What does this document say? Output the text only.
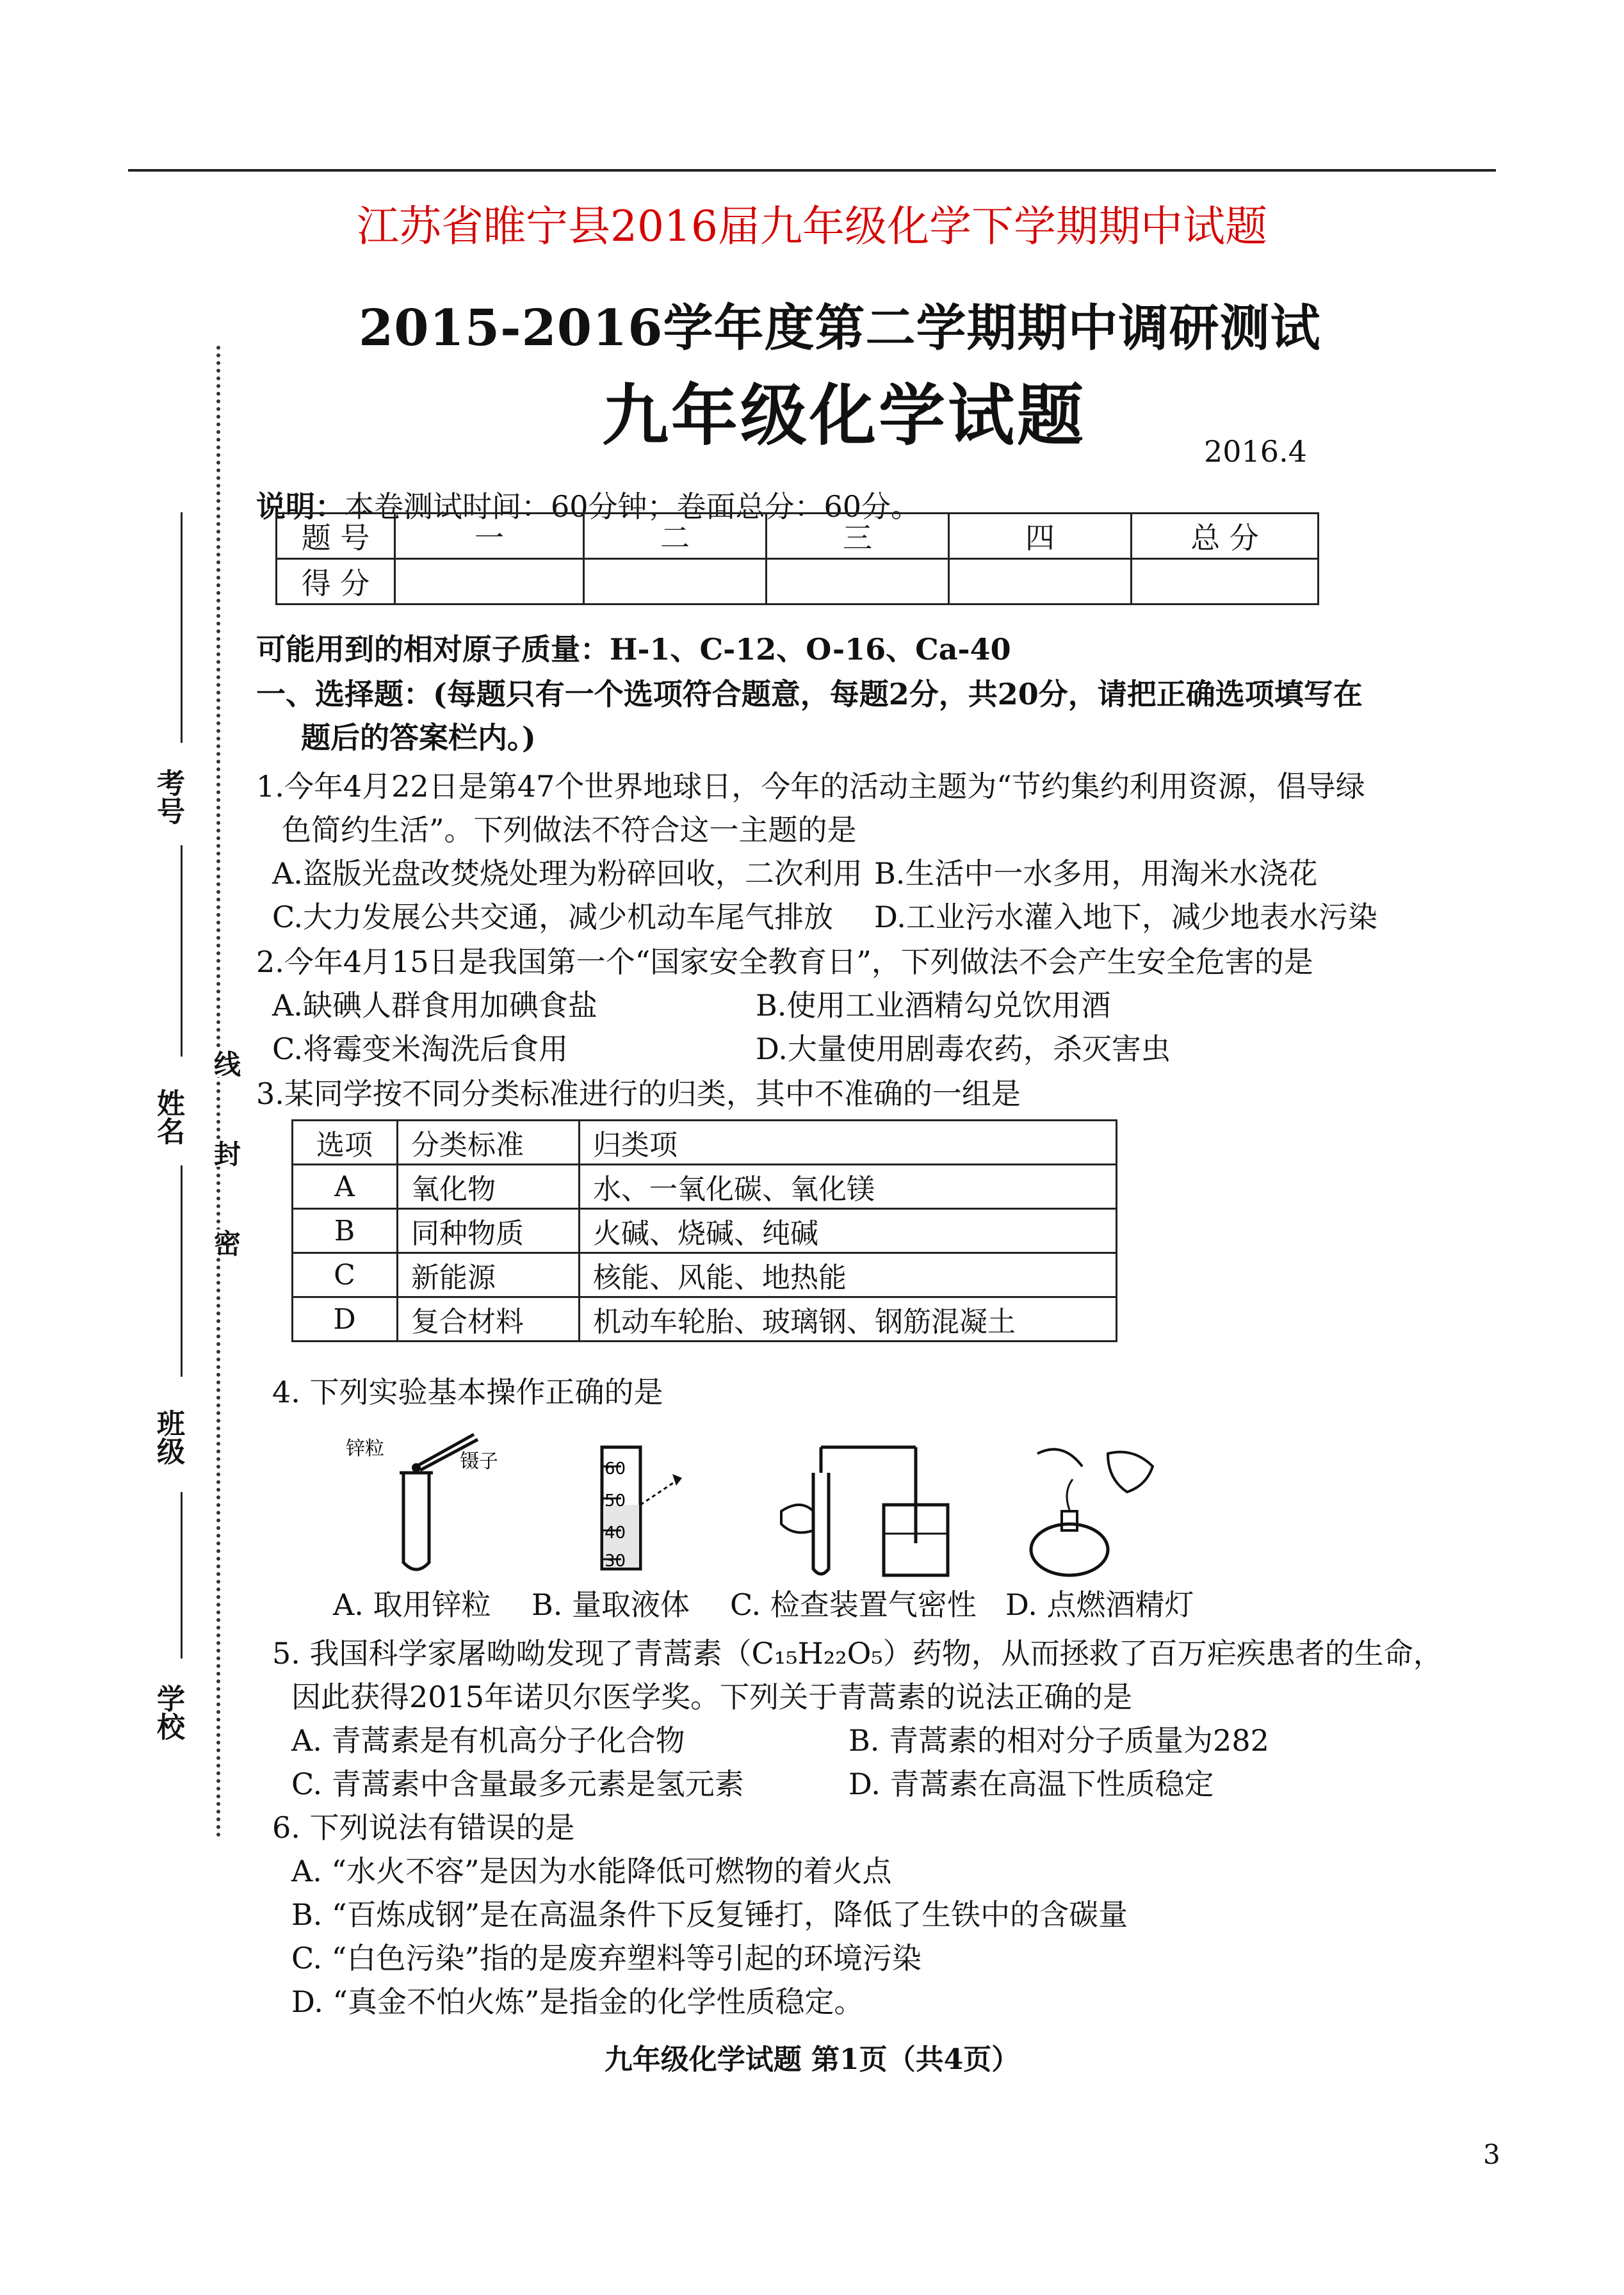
江苏省睢宁县2016届九年级化学下学期期中试题
考号
姓名
班级
学校
线
封
密
2015-2016学年度第二学期期中调研测试
九年级化学试题	2016.4
说明：本卷测试时间：60分钟；卷面总分：60分。
题 号	一	二	三	四	总 分
得 分					
可能用到的相对原子质量：H-1、C-12、O-16、Ca-40
一、选择题：(每题只有一个选项符合题意，每题2分，共20分，请把正确选项填写在
题后的答案栏内。)
1.今年4月22日是第47个世界地球日，今年的活动主题为“节约集约利用资源，倡导绿
色简约生活”。下列做法不符合这一主题的是
A.盗版光盘改焚烧处理为粉碎回收，二次利用 B.生活中一水多用，用淘米水浇花
C.大力发展公共交通，减少机动车尾气排放 D.工业污水灌入地下，减少地表水污染
2.今年4月15日是我国第一个“国家安全教育日”，下列做法不会产生安全危害的是
A.缺碘人群食用加碘食盐	B.使用工业酒精勾兑饮用酒
C.将霉变米淘洗后食用	D.大量使用剧毒农药，杀灭害虫
3.某同学按不同分类标准进行的归类，其中不准确的一组是
选项	分类标准	归类项
A	氧化物	水、一氧化碳、氧化镁
B	同种物质	火碱、烧碱、纯碱
C	新能源	核能、风能、地热能
D	复合材料	机动车轮胎、玻璃钢、钢筋混凝土
4. 下列实验基本操作正确的是
锌粒
镊子	60
50
40
30
A. 取用锌粒 B. 量取液体 C. 检查装置气密性 D. 点燃酒精灯
5. 我国科学家屠呦呦发现了青蒿素（C₁₅H₂₂O₅）药物，从而拯救了百万疟疾患者的生命，
因此获得2015年诺贝尔医学奖。下列关于青蒿素的说法正确的是
A. 青蒿素是有机高分子化合物	B. 青蒿素的相对分子质量为282
C. 青蒿素中含量最多元素是氢元素	D. 青蒿素在高温下性质稳定
6. 下列说法有错误的是
A. “水火不容”是因为水能降低可燃物的着火点
B. “百炼成钢”是在高温条件下反复锤打，降低了生铁中的含碳量
C. “白色污染”指的是废弃塑料等引起的环境污染
D. “真金不怕火炼”是指金的化学性质稳定。
九年级化学试题 第1页（共4页）
3
